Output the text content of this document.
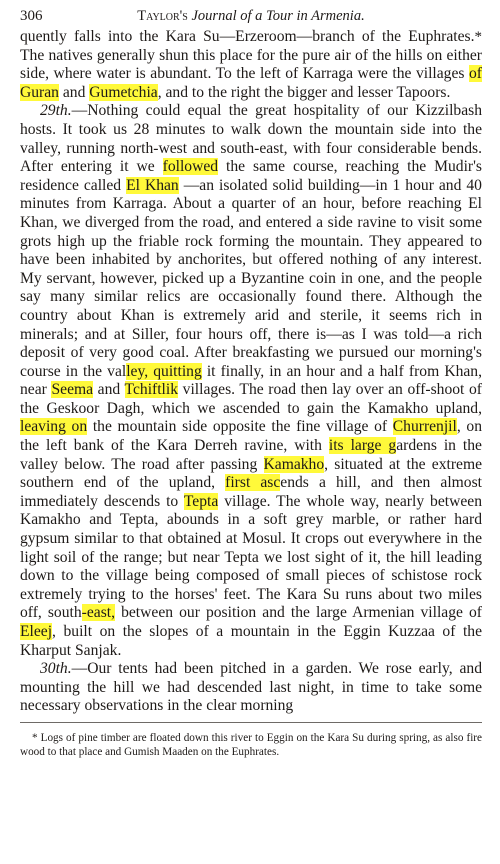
306	Taylor's Journal of a Tour in Armenia.

quently falls into the Kara Su—Erzeroom—branch of the Euphrates.* The natives generally shun this place for the pure air of the hills on either side, where water is abundant. To the left of Karraga were the villages of Guran and Gumetchia, and to the right the bigger and lesser Tapoors.

29th.—Nothing could equal the great hospitality of our Kizzilbash hosts. It took us 28 minutes to walk down the mountain side into the valley, running north-west and south-east, with four considerable bends. After entering it we followed the same course, reaching the Mudir's residence called El Khan —an isolated solid building—in 1 hour and 40 minutes from Karraga. About a quarter of an hour, before reaching El Khan, we diverged from the road, and entered a side ravine to visit some grots high up the friable rock forming the mountain. They appeared to have been inhabited by anchorites, but offered nothing of any interest. My servant, however, picked up a Byzantine coin in one, and the people say many similar relics are occasionally found there. Although the country about Khan is extremely arid and sterile, it seems rich in minerals; and at Siller, four hours off, there is—as I was told—a rich deposit of very good coal. After breakfasting we pursued our morning's course in the valley, quitting it finally, in an hour and a half from Khan, near Seema and Tchiftlik villages. The road then lay over an off-shoot of the Geskoor Dagh, which we ascended to gain the Kamakho upland, leaving on the mountain side opposite the fine village of Churrenjil, on the left bank of the Kara Derreh ravine, with its large gardens in the valley below. The road after passing Kamakho, situated at the extreme southern end of the upland, first ascends a hill, and then almost immediately descends to Tepta village. The whole way, nearly between Kamakho and Tepta, abounds in a soft grey marble, or rather hard gypsum similar to that obtained at Mosul. It crops out everywhere in the light soil of the range; but near Tepta we lost sight of it, the hill leading down to the village being composed of small pieces of schistose rock extremely trying to the horses' feet. The Kara Su runs about two miles off, south-east, between our position and the large Armenian village of Eleej, built on the slopes of a mountain in the Eggin Kuzzaa of the Kharput Sanjak.

30th.—Our tents had been pitched in a garden. We rose early, and mounting the hill we had descended last night, in time to take some necessary observations in the clear morning

* Logs of pine timber are floated down this river to Eggin on the Kara Su during spring, as also fire wood to that place and Gumish Maaden on the Euphrates.
